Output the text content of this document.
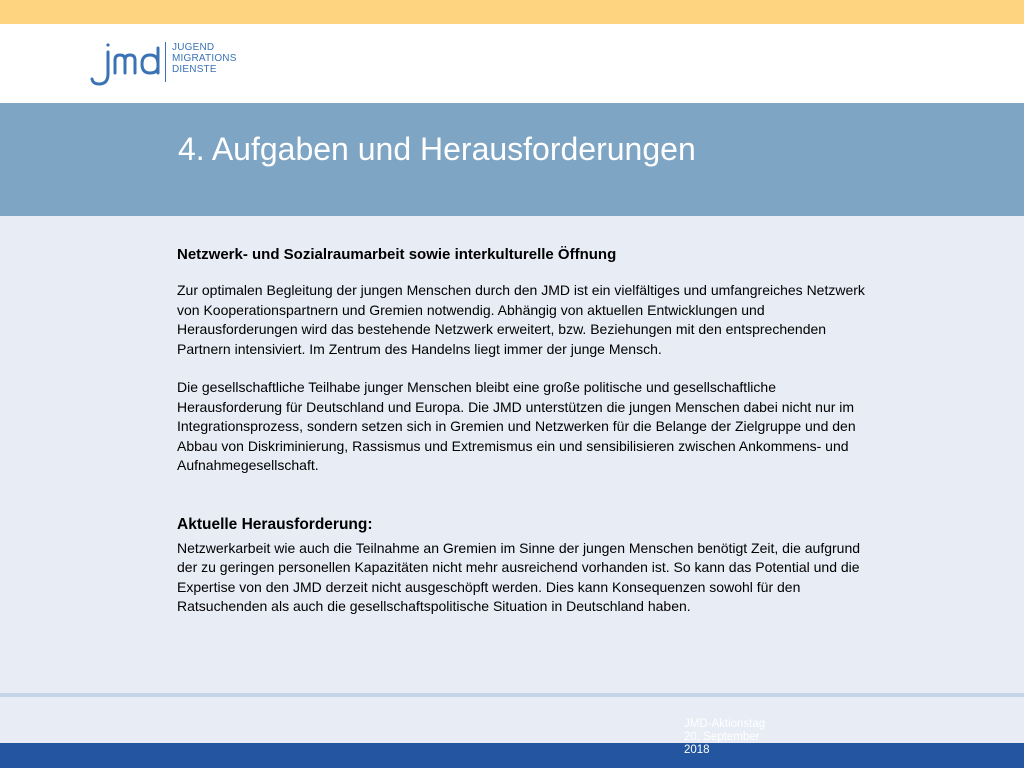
JUGEND
MIGRATIONS
DIENSTE
4. Aufgaben und Herausforderungen

Netzwerk- und Sozialraumarbeit sowie interkulturelle Öffnung

Zur optimalen Begleitung der jungen Menschen durch den JMD ist ein vielfältiges und umfangreiches Netzwerk
von Kooperationspartnern und Gremien notwendig. Abhängig von aktuellen Entwicklungen und
Herausforderungen wird das bestehende Netzwerk erweitert, bzw. Beziehungen mit den entsprechenden
Partnern intensiviert. Im Zentrum des Handelns liegt immer der junge Mensch.
Die gesellschaftliche Teilhabe junger Menschen bleibt eine große politische und gesellschaftliche
Herausforderung für Deutschland und Europa. Die JMD unterstützen die jungen Menschen dabei nicht nur im
Integrationsprozess, sondern setzen sich in Gremien und Netzwerken für die Belange der Zielgruppe und den
Abbau von Diskriminierung, Rassismus und Extremismus ein und sensibilisieren zwischen Ankommens- und
Aufnahmegesellschaft.

Aktuelle Herausforderung:

Netzwerkarbeit wie auch die Teilnahme an Gremien im Sinne der jungen Menschen benötigt Zeit, die aufgrund
der zu geringen personellen Kapazitäten nicht mehr ausreichend vorhanden ist. So kann das Potential und die
Expertise von den JMD derzeit nicht ausgeschöpft werden. Dies kann Konsequenzen sowohl für den
Ratsuchenden als auch die gesellschaftspolitische Situation in Deutschland haben.
JMD-Aktionstag
20. September
2018
